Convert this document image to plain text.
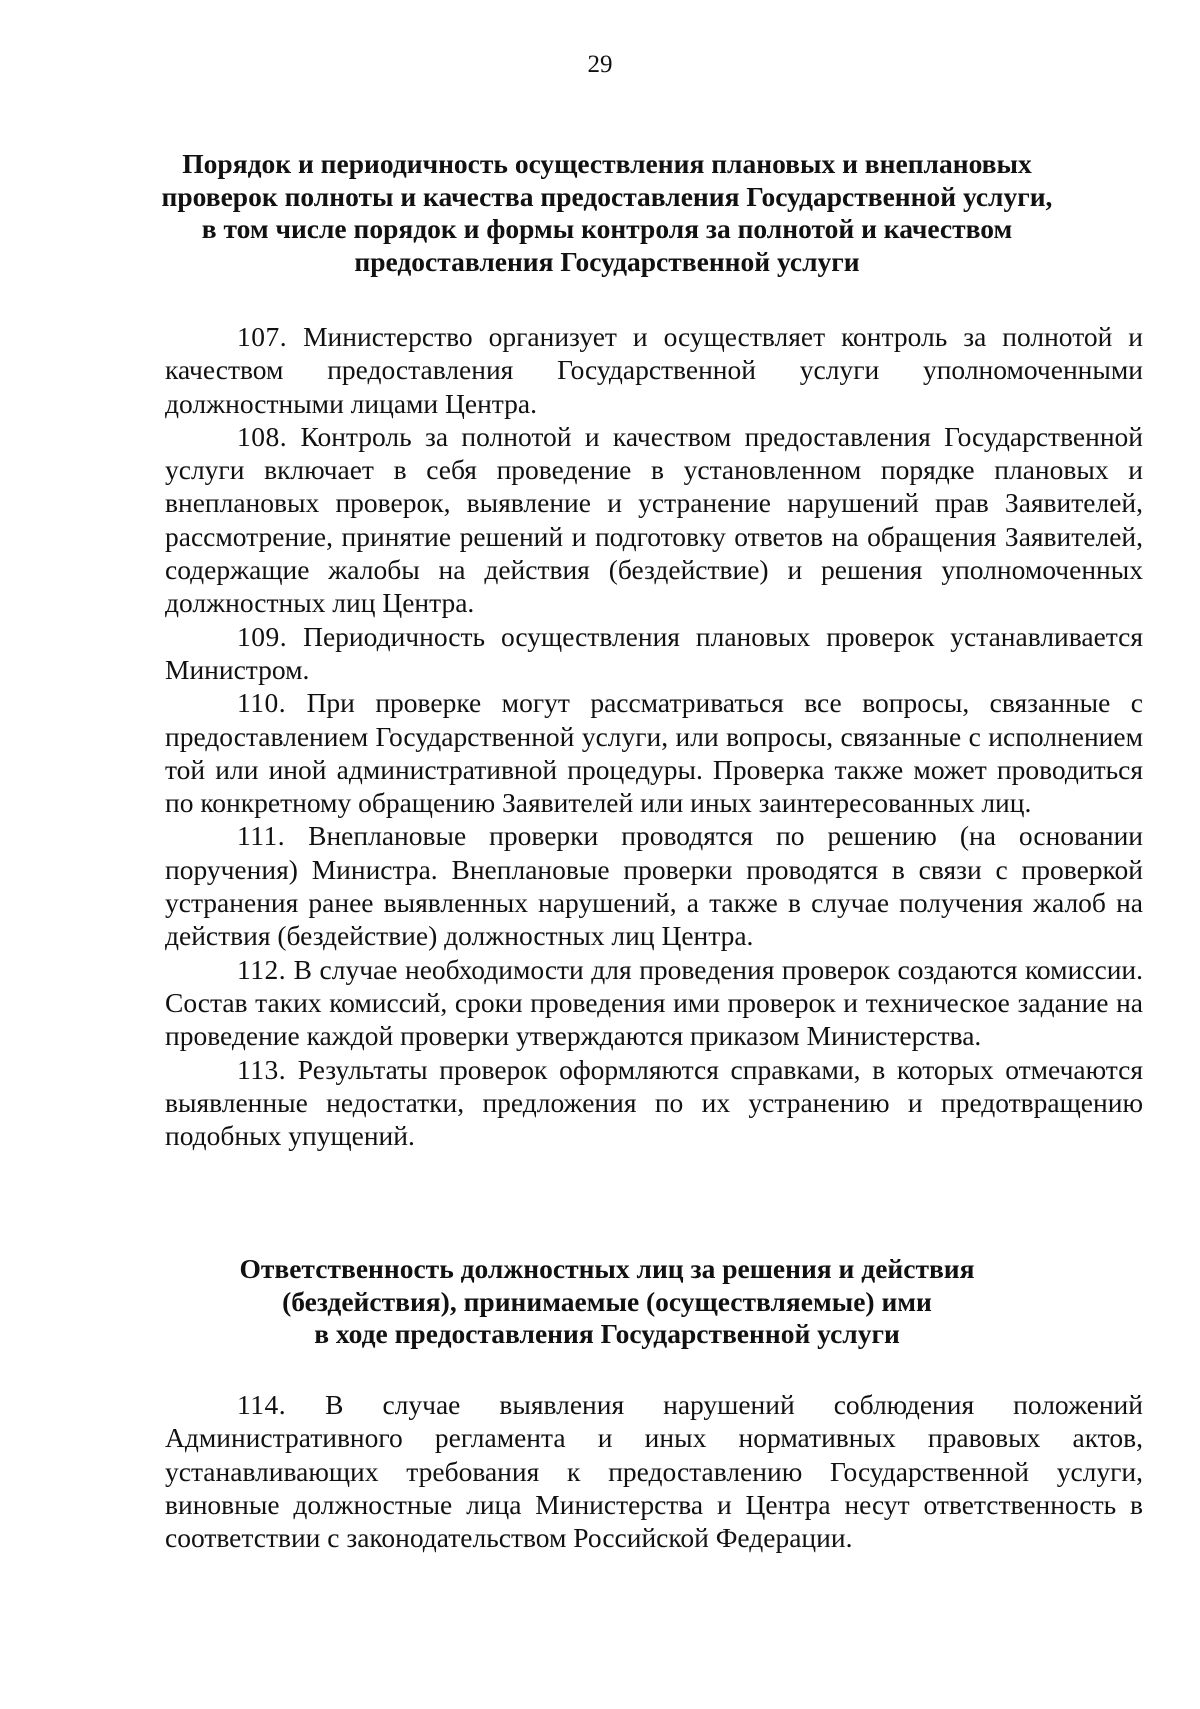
29
Порядок и периодичность осуществления плановых и внеплановых
проверок полноты и качества предоставления Государственной услуги,
в том числе порядок и формы контроля за полнотой и качеством
предоставления Государственной услуги

107. Министерство организует и осуществляет контроль за полнотой и качеством предоставления Государственной услуги уполномоченными должностными лицами Центра.

108. Контроль за полнотой и качеством предоставления Государственной услуги включает в себя проведение в установленном порядке плановых и внеплановых проверок, выявление и устранение нарушений прав Заявителей, рассмотрение, принятие решений и подготовку ответов на обращения Заявителей, содержащие жалобы на действия (бездействие) и решения уполномоченных должностных лиц Центра.

109. Периодичность осуществления плановых проверок устанавливается Министром.

110. При проверке могут рассматриваться все вопросы, связанные с предоставлением Государственной услуги, или вопросы, связанные с исполнением той или иной административной процедуры. Проверка также может проводиться по конкретному обращению Заявителей или иных заинтересованных лиц.

111. Внеплановые проверки проводятся по решению (на основании поручения) Министра. Внеплановые проверки проводятся в связи с проверкой устранения ранее выявленных нарушений, а также в случае получения жалоб на действия (бездействие) должностных лиц Центра.

112. В случае необходимости для проведения проверок создаются комиссии. Состав таких комиссий, сроки проведения ими проверок и техническое задание на проведение каждой проверки утверждаются приказом Министерства.

113. Результаты проверок оформляются справками, в которых отмечаются выявленные недостатки, предложения по их устранению и предотвращению подобных упущений.

Ответственность должностных лиц за решения и действия
(бездействия), принимаемые (осуществляемые) ими
в ходе предоставления Государственной услуги

114. В случае выявления нарушений соблюдения положений Административного регламента и иных нормативных правовых актов, устанавливающих требования к предоставлению Государственной услуги, виновные должностные лица Министерства и Центра несут ответственность в соответствии с законодательством Российской Федерации.
